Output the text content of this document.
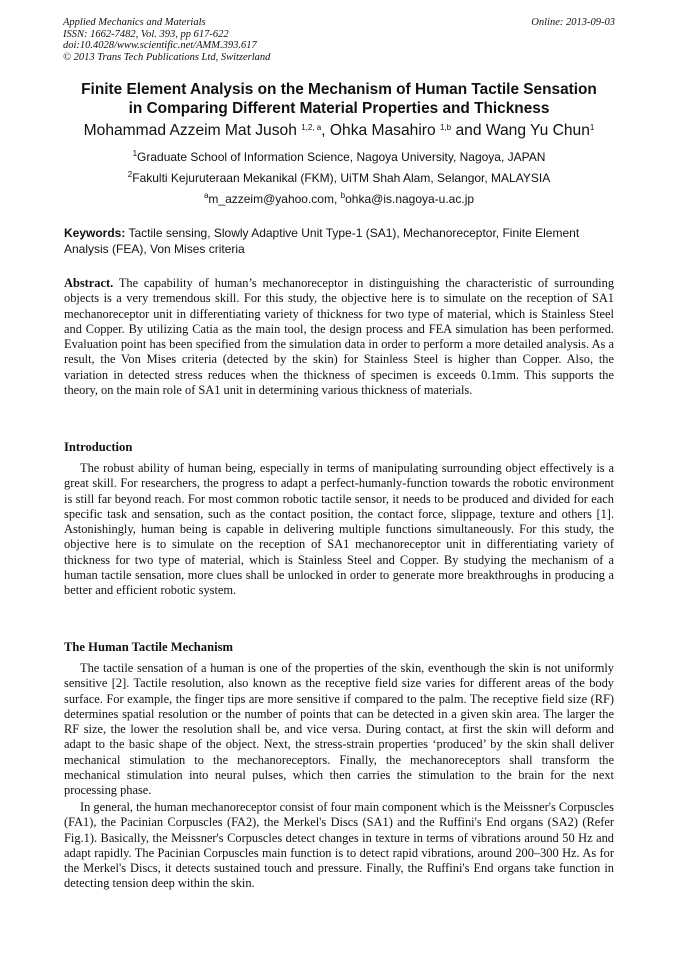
Applied Mechanics and Materials
ISSN: 1662-7482, Vol. 393, pp 617-622
doi:10.4028/www.scientific.net/AMM.393.617
© 2013 Trans Tech Publications Ltd, Switzerland
Online: 2013-09-03
Finite Element Analysis on the Mechanism of Human Tactile Sensation
in Comparing Different Material Properties and Thickness
Mohammad Azzeim Mat Jusoh $^{1,2, a}$, Ohka Masahiro $^{1,b}$ and Wang Yu Chun$^1$
$^1$Graduate School of Information Science, Nagoya University, Nagoya, JAPAN
$^2$Fakulti Kejuruteraan Mekanikal (FKM), UiTM Shah Alam, Selangor, MALAYSIA
$^a$m_azzeim@yahoo.com, $^b$ohka@is.nagoya-u.ac.jp
Keywords: Tactile sensing, Slowly Adaptive Unit Type-1 (SA1), Mechanoreceptor, Finite Element Analysis (FEA), Von Mises criteria

Abstract. The capability of human’s mechanoreceptor in distinguishing the characteristic of surrounding objects is a very tremendous skill. For this study, the objective here is to simulate on the reception of SA1 mechanoreceptor unit in differentiating variety of thickness for two type of material, which is Stainless Steel and Copper. By utilizing Catia as the main tool, the design process and FEA simulation has been performed. Evaluation point has been specified from the simulation data in order to perform a more detailed analysis. As a result, the Von Mises criteria (detected by the skin) for Stainless Steel is higher than Copper. Also, the variation in detected stress reduces when the thickness of specimen is exceeds 0.1mm. This supports the theory, on the main role of SA1 unit in determining various thickness of materials.

Introduction

The robust ability of human being, especially in terms of manipulating surrounding object effectively is a great skill. For researchers, the progress to adapt a perfect-humanly-function towards the robotic environment is still far beyond reach. For most common robotic tactile sensor, it needs to be produced and divided for each specific task and sensation, such as the contact position, the contact force, slippage, texture and others [1]. Astonishingly, human being is capable in delivering multiple functions simultaneously. For this study, the objective here is to simulate on the reception of SA1 mechanoreceptor unit in differentiating variety of thickness for two type of material, which is Stainless Steel and Copper. By studying the mechanism of a human tactile sensation, more clues shall be unlocked in order to generate more breakthroughs in producing a better and efficient robotic system.

The Human Tactile Mechanism

The tactile sensation of a human is one of the properties of the skin, eventhough the skin is not uniformly sensitive [2]. Tactile resolution, also known as the receptive field size varies for different areas of the body surface. For example, the finger tips are more sensitive if compared to the palm. The receptive field size (RF) determines spatial resolution or the number of points that can be detected in a given skin area. The larger the RF size, the lower the resolution shall be, and vice versa. During contact, at first the skin will deform and adapt to the basic shape of the object. Next, the stress-strain properties ‘produced’ by the skin shall deliver mechanical stimulation to the mechanoreceptors. Finally, the mechanoreceptors shall transform the mechanical stimulation into neural pulses, which then carries the stimulation to the brain for the next processing phase.

In general, the human mechanoreceptor consist of four main component which is the Meissner's Corpuscles (FA1), the Pacinian Corpuscles (FA2), the Merkel's Discs (SA1) and the Ruffini's End organs (SA2) (Refer Fig.1). Basically, the Meissner's Corpuscles detect changes in texture in terms of vibrations around 50 Hz and adapt rapidly. The Pacinian Corpuscles main function is to detect rapid vibrations, around 200–300 Hz. As for the Merkel's Discs, it detects sustained touch and pressure. Finally, the Ruffini's End organs take function in detecting tension deep within the skin.
